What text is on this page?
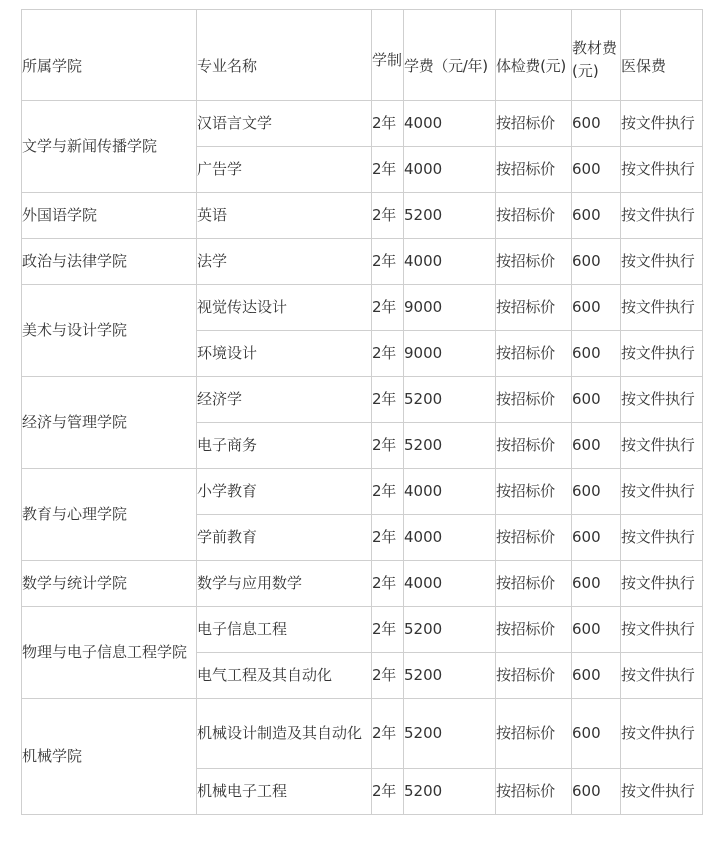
所属学院	专业名称	学制	学费（元/年)	体检费(元)	教材费(元)	医保费
文学与新闻传播学院	汉语言文学	2年	4000	按招标价	600	按文件执行
	广告学	2年	4000	按招标价	600	按文件执行
外国语学院	英语	2年	5200	按招标价	600	按文件执行
政治与法律学院	法学	2年	4000	按招标价	600	按文件执行
美术与设计学院	视觉传达设计	2年	9000	按招标价	600	按文件执行
	环境设计	2年	9000	按招标价	600	按文件执行
经济与管理学院	经济学	2年	5200	按招标价	600	按文件执行
	电子商务	2年	5200	按招标价	600	按文件执行
教育与心理学院	小学教育	2年	4000	按招标价	600	按文件执行
	学前教育	2年	4000	按招标价	600	按文件执行
数学与统计学院	数学与应用数学	2年	4000	按招标价	600	按文件执行
物理与电子信息工程学院	电子信息工程	2年	5200	按招标价	600	按文件执行
	电气工程及其自动化	2年	5200	按招标价	600	按文件执行
机械学院	机械设计制造及其自动化	2年	5200	按招标价	600	按文件执行
	机械电子工程	2年	5200	按招标价	600	按文件执行
